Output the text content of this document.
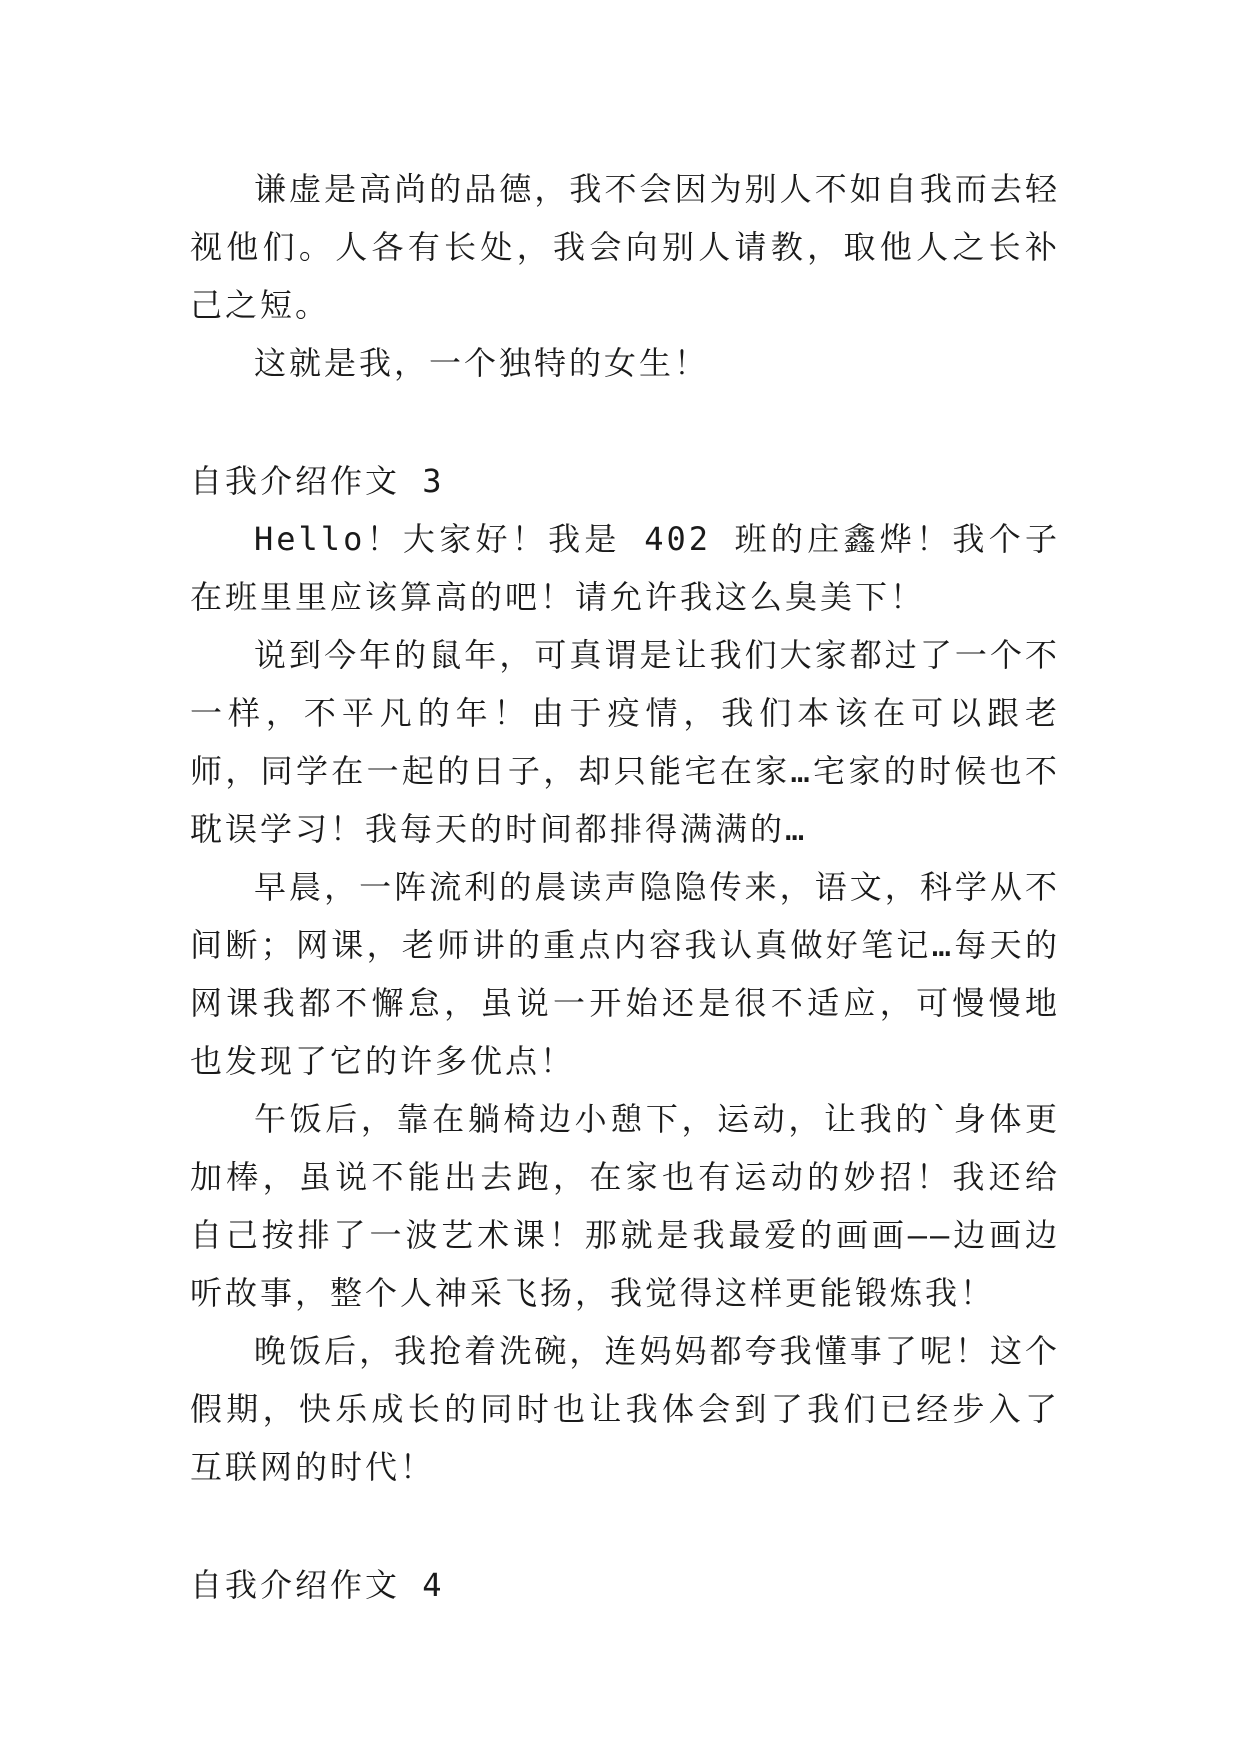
谦虚是高尚的品德，我不会因为别人不如自我而去轻视他们。人各有长处，我会向别人请教，取他人之长补己之短。

这就是我，一个独特的女生！

自我介绍作文 3

Hello！大家好！我是 402 班的庄鑫烨！我个子在班里里应该算高的吧！请允许我这么臭美下！

说到今年的鼠年，可真谓是让我们大家都过了一个不一样，不平凡的年！由于疫情，我们本该在可以跟老师，同学在一起的日子，却只能宅在家…宅家的时候也不耽误学习！我每天的时间都排得满满的…

早晨，一阵流利的晨读声隐隐传来，语文，科学从不间断；网课，老师讲的重点内容我认真做好笔记…每天的网课我都不懈怠，虽说一开始还是很不适应，可慢慢地也发现了它的许多优点！

午饭后，靠在躺椅边小憩下，运动，让我的`身体更加棒，虽说不能出去跑，在家也有运动的妙招！我还给自己按排了一波艺术课！那就是我最爱的画画——边画边听故事，整个人神采飞扬，我觉得这样更能锻炼我！

晚饭后，我抢着洗碗，连妈妈都夸我懂事了呢！这个假期，快乐成长的同时也让我体会到了我们已经步入了互联网的时代！

自我介绍作文 4
